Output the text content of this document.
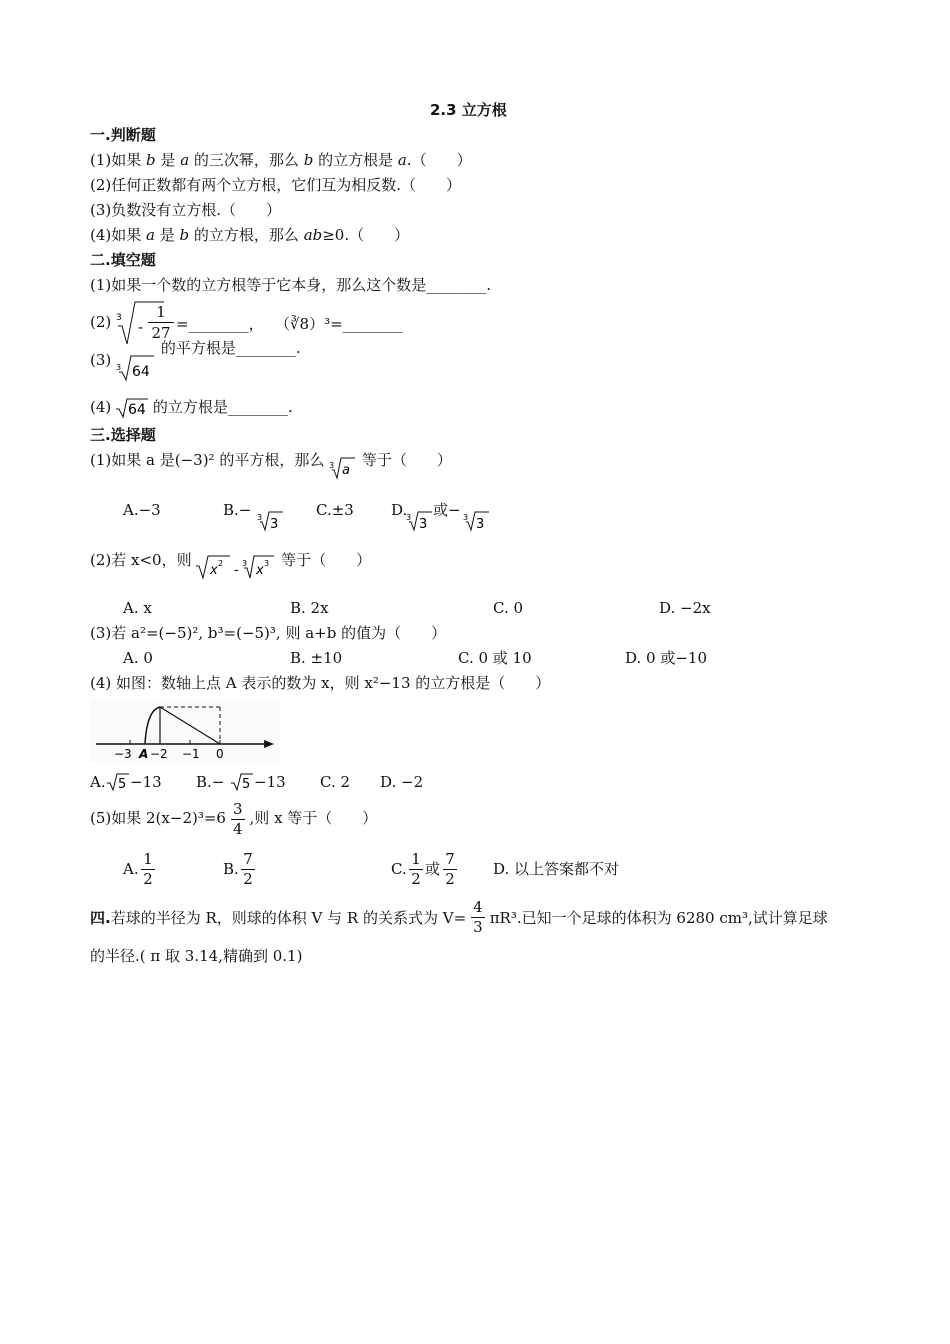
2.3 立方根
一.判断题
(1)如果 b 是 a 的三次幂，那么 b 的立方根是 a.（　　）
(2)任何正数都有两个立方根，它们互为相反数.（　　）
(3)负数没有立方根.（　　）
(4)如果 a 是 b 的立方根，那么 ab≥0.（　　）
二.填空题
(1)如果一个数的立方根等于它本身，那么这个数是________.
(2) 3
-
1
27 =________， （∛8）³=________
(3) 3 64
的平方根是________.
(4) 64 的立方根是________.
三.选择题
(1)如果 a 是(−3)² 的平方根，那么 3 a
等于（　　）
A.−3	B.− 3 3
C.±3 D.
3 3
或− 3 3
(2)若 x<0，则
x 2 - 3 x 3 等于（　　）
A. x	B. 2x	C. 0	D. −2x
(3)若 a²=(−5)², b³=(−5)³, 则 a+b 的值为（　　）
A. 0	B. ±10	C. 0 或 10	D. 0 或−10
(4) 如图：数轴上点 A 表示的数为 x，则 x²−13 的立方根是（　　）
−3 A −2 −1 0
A. 5 −13 B.− 5 −13 C. 2 D. −2
(5)如果 $2(x-2)^3=6 \frac{3}{4}$ ,则 x 等于（　　）
A.
1
2
B.
7
2
C.
1
2
或
7
2
D. 以上答案都不对
四.若球的半径为 R，则球的体积 V 与 R 的关系式为 $V= \frac{4}{3} \pi R^3$.已知一个足球的体积为 6280 cm³,试计算足球
的半径.( π 取 3.14,精确到 0.1)
